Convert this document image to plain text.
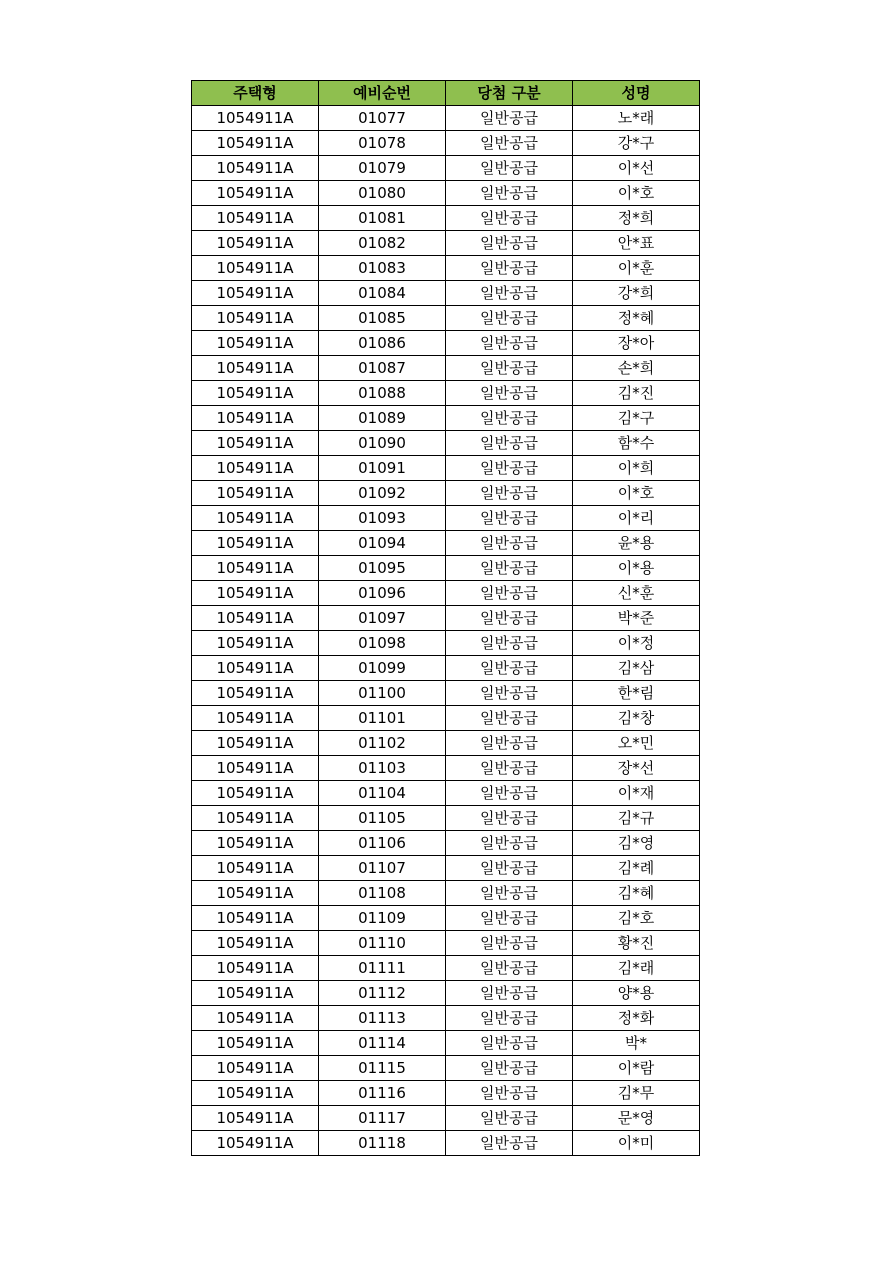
주택형	예비순번	당첨 구분	성명
1054911A	01077	일반공급	노*래
1054911A	01078	일반공급	강*구
1054911A	01079	일반공급	이*선
1054911A	01080	일반공급	이*호
1054911A	01081	일반공급	정*희
1054911A	01082	일반공급	안*표
1054911A	01083	일반공급	이*훈
1054911A	01084	일반공급	강*희
1054911A	01085	일반공급	정*혜
1054911A	01086	일반공급	장*아
1054911A	01087	일반공급	손*희
1054911A	01088	일반공급	김*진
1054911A	01089	일반공급	김*구
1054911A	01090	일반공급	함*수
1054911A	01091	일반공급	이*희
1054911A	01092	일반공급	이*호
1054911A	01093	일반공급	이*리
1054911A	01094	일반공급	윤*용
1054911A	01095	일반공급	이*용
1054911A	01096	일반공급	신*훈
1054911A	01097	일반공급	박*준
1054911A	01098	일반공급	이*정
1054911A	01099	일반공급	김*삼
1054911A	01100	일반공급	한*림
1054911A	01101	일반공급	김*창
1054911A	01102	일반공급	오*민
1054911A	01103	일반공급	장*선
1054911A	01104	일반공급	이*재
1054911A	01105	일반공급	김*규
1054911A	01106	일반공급	김*영
1054911A	01107	일반공급	김*례
1054911A	01108	일반공급	김*혜
1054911A	01109	일반공급	김*호
1054911A	01110	일반공급	황*진
1054911A	01111	일반공급	김*래
1054911A	01112	일반공급	양*용
1054911A	01113	일반공급	정*화
1054911A	01114	일반공급	박*
1054911A	01115	일반공급	이*람
1054911A	01116	일반공급	김*무
1054911A	01117	일반공급	문*영
1054911A	01118	일반공급	이*미
